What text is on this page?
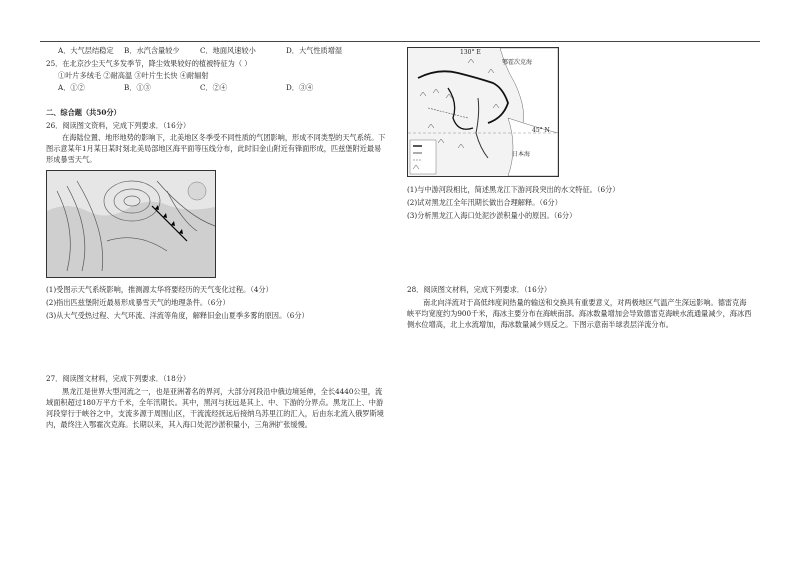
A．大气层结稳定 B．水汽含量较少	C．地面风速较小	D．大气性质增湿
25．在北京沙尘天气多发季节，降尘效果较好的植被特征为（ ）
①叶片多绒毛 ②耐高温 ③叶片生长快 ④耐辐射
A．①②	B．①③	C．②④	D．③④
二、综合题（共50分）
26．阅读图文资料，完成下列要求．（16分）
在海陆位置、地形地势的影响下，北美地区冬季受不同性质的气团影响，形成不同类型的天气系统。下图示意某年1月某日某时刻北美局部地区海平面等压线分布，此时旧金山附近有锋面形成，匹兹堡附近最易形成暴雪天气。
(1)受图示天气系统影响，推测源太华将要经历的天气变化过程。（4分）
(2)指出匹兹堡附近最易形成暴雪天气的地理条件。（6分）
(3)从大气受热过程、大气环流、洋流等角度，解释旧金山夏季多雾的原因。（6分）
27．阅读图文材料，完成下列要求．（18分）
黑龙江是世界大型河流之一，也是亚洲著名的界河，大部分河段沿中俄边境延伸，全长4440公里，流域面积超过180万平方千米，全年汛期长。其中，黑河与抚远是其上、中、下游的分界点。黑龙江上、中游河段穿行于峡谷之中，支流多源于周围山区，干流流经抚远后接纳乌苏里江的汇入，后由东北流入俄罗斯境内，最终注入鄂霍次克海。长期以来，其入海口处泥沙淤积量小，三角洲扩张缓慢。
130° E
鄂霍次克海
45° N
日本海
(1)与中游河段相比，简述黑龙江下游河段突出的水文特征。（6分）
(2)试对黑龙江全年汛期长做出合理解释。（6分）
(3)分析黑龙江入海口处泥沙淤积量小的原因。（6分）
28．阅读图文材料，完成下列要求．（16分）
南北向洋流对于高低纬度间热量的输送和交换具有重要意义，对两极地区气温产生深远影响。德雷克海峡平均宽度约为900千米，海冰主要分布在海峡南部。海冰数量增加会导致德雷克海峡水流通量减少，海冰西侧水位增高，北上水流增加，海冰数量减少则反之。下图示意南半球表层洋流分布。
